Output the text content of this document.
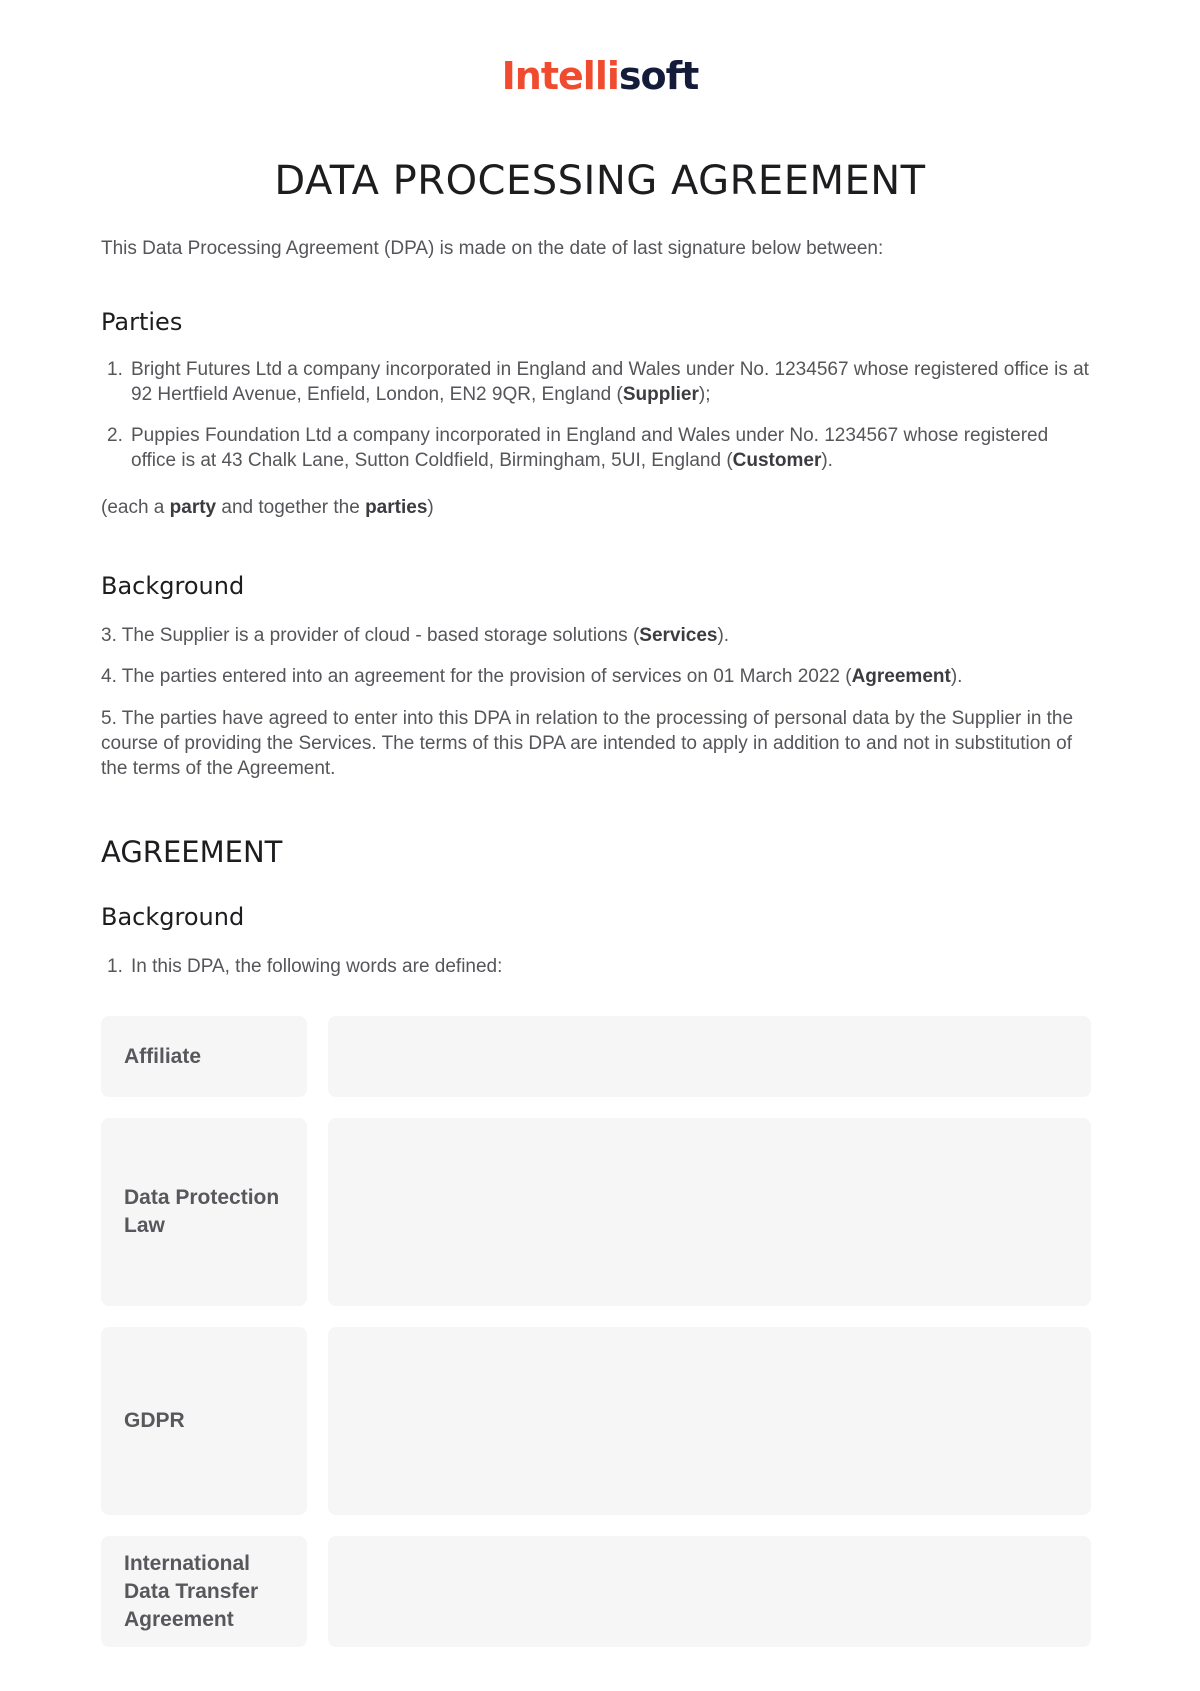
Intellisoft
DATA PROCESSING AGREEMENT

This Data Processing Agreement (DPA) is made on the date of last signature below between:

Parties
1. Bright Futures Ltd a company incorporated in England and Wales under No. 1234567 whose registered office is at 92 Hertfield Avenue, Enfield, London, EN2 9QR, England (Supplier);
2. Puppies Foundation Ltd a company incorporated in England and Wales under No. 1234567 whose registered office is at 43 Chalk Lane, Sutton Coldfield, Birmingham, 5UI, England (Customer).

(each a party and together the parties)

Background

3. The Supplier is a provider of cloud - based storage solutions (Services).

4. The parties entered into an agreement for the provision of services on 01 March 2022 (Agreement).

5. The parties have agreed to enter into this DPA in relation to the processing of personal data by the Supplier in the course of providing the Services. The terms of this DPA are intended to apply in addition to and not in substitution of the terms of the Agreement.

AGREEMENT
Background
1. In this DPA, the following words are defined:
Affiliate
Data Protection Law
GDPR
International Data Transfer Agreement
